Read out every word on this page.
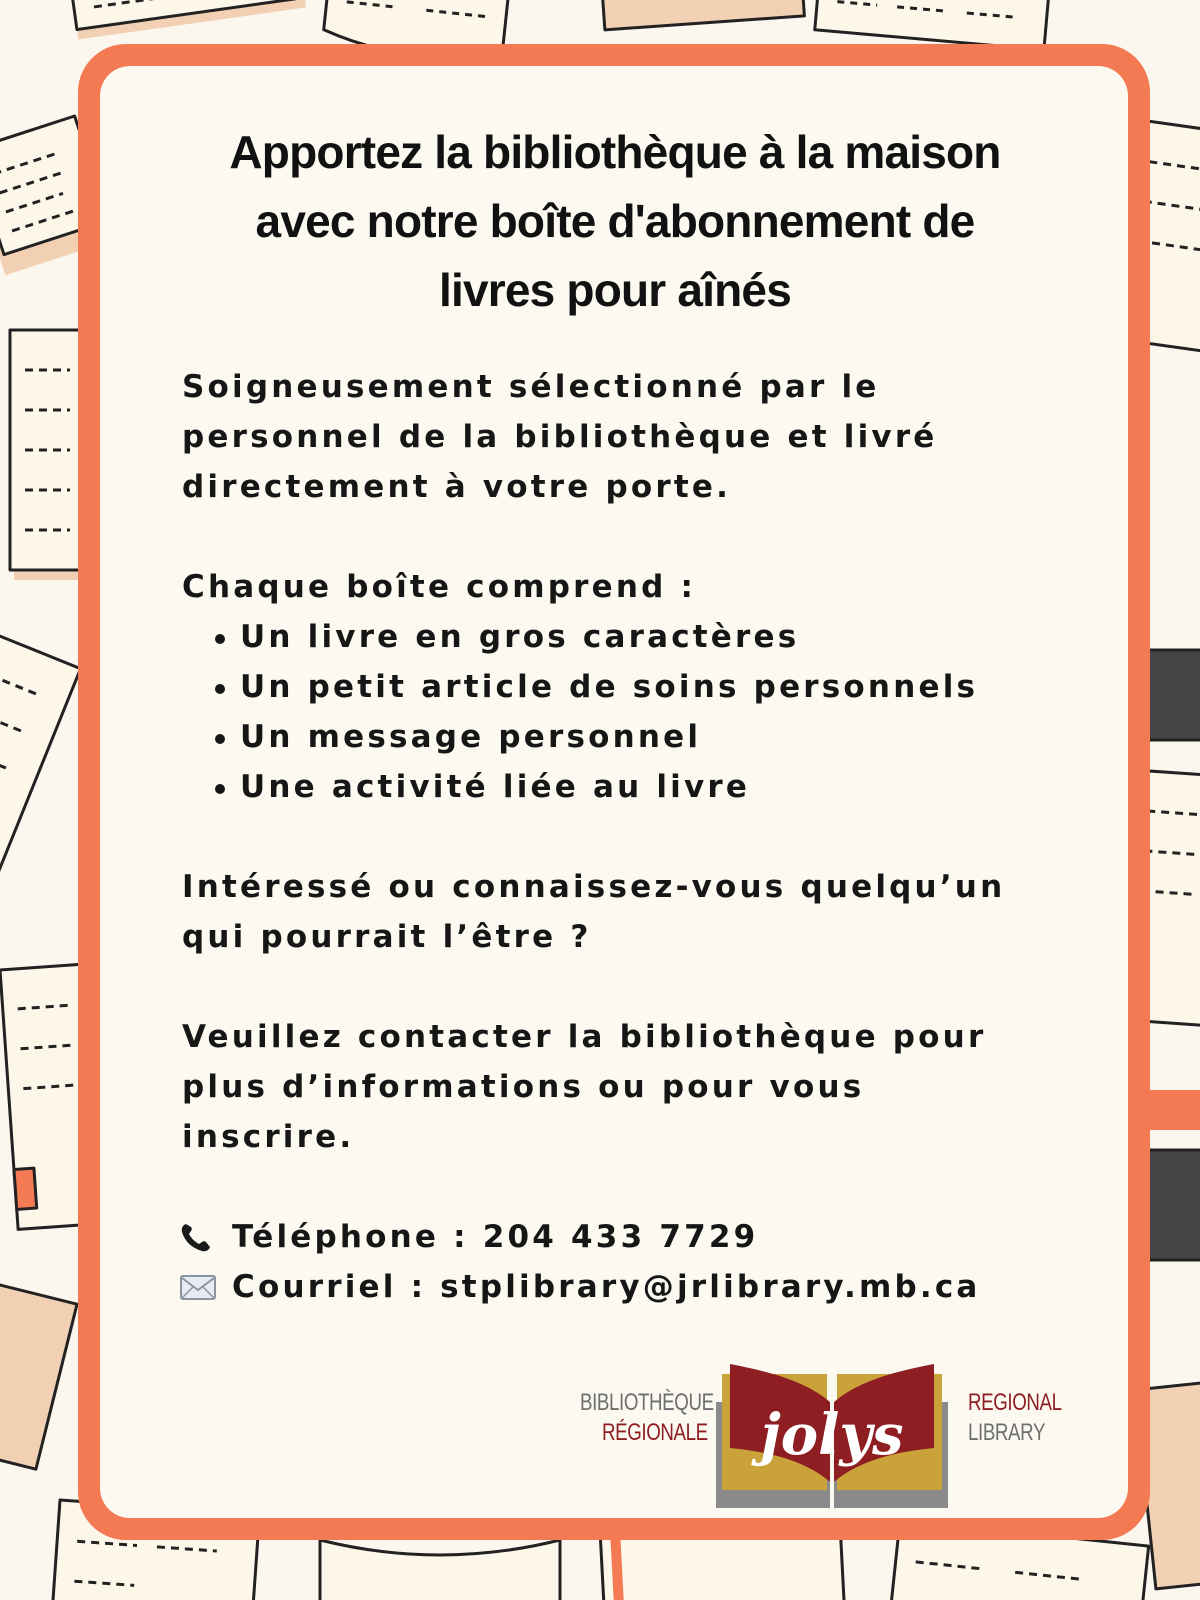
Apportez la bibliothèque à la maison
avec notre boîte d'abonnement de
livres pour aînés
Soigneusement sélectionné par le
personnel de la bibliothèque et livré
directement à votre porte.
Chaque boîte comprend :
Un livre en gros caractères
Un petit article de soins personnels
Un message personnel
Une activité liée au livre
Intéressé ou connaissez-vous quelqu’un
qui pourrait l’être ?
Veuillez contacter la bibliothèque pour
plus d’informations ou pour vous
inscrire.
Téléphone : 204 433 7729
Courriel : stplibrary@jrlibrary.mb.ca
BIBLIOTHÈQUE
RÉGIONALE jolys	REGIONAL
LIBRARY
